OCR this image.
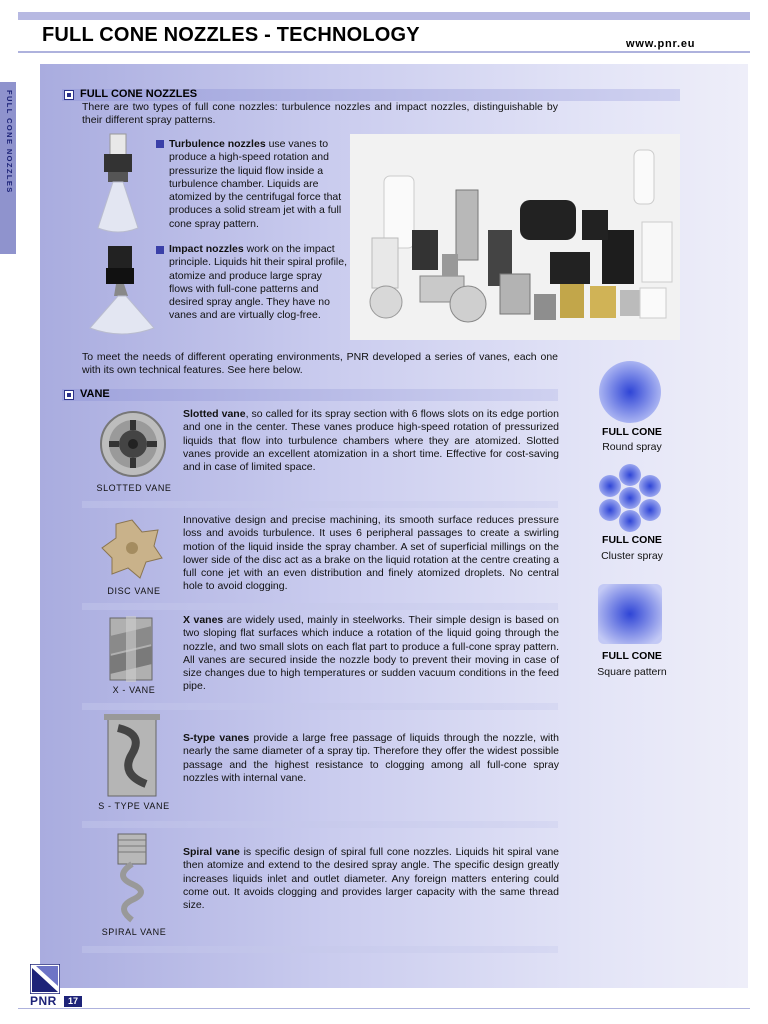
FULL CONE NOZZLES - TECHNOLOGY	www.pnr.eu
FULL CONE NOZZLES	FULL CONE NOZZLES
There are two types of full cone nozzles: turbulence nozzles and impact nozzles, distinguishable by their different spray patterns.
Turbulence nozzles use vanes to produce a high-speed rotation and pressurize the liquid flow inside a turbulence chamber. Liquids are atomized by the centrifugal force that produces a solid stream jet with a full cone spray pattern.
Impact nozzles work on the impact principle. Liquids hit their spiral profile, atomize and produce large spray flows with full-cone patterns and desired spray angle. They have no vanes and are virtually clog-free.
To meet the needs of different operating environments, PNR developed a series of vanes, each one with its own technical features. See here below.
VANE
SLOTTED VANE
Slotted vane, so called for its spray section with 6 flows slots on its edge portion and one in the center. These vanes produce high-speed rotation of pressurized liquids that flow into turbulence chambers where they are atomized. Slotted vanes provide an excellent atomization in a short time. Effective for cost-saving and in case of limited space.
DISC VANE
Innovative design and precise machining, its smooth surface reduces pressure loss and avoids turbulence. It uses 6 peripheral passages to create a swirling motion of the liquid inside the spray chamber. A set of superficial millings on the lower side of the disc act as a brake on the liquid rotation at the centre creating a full cone jet with an even distribution and finely atomized droplets. No central hole to avoid clogging.
X - VANE
X vanes are widely used, mainly in steelworks. Their simple design is based on two sloping flat surfaces which induce a rotation of the liquid going through the nozzle, and two small slots on each flat part to produce a full-cone spray pattern. All vanes are secured inside the nozzle body to prevent their moving in case of size changes due to high temperatures or sudden vacuum conditions in the feed pipe.
S - TYPE VANE
S-type vanes provide a large free passage of liquids through the nozzle, with nearly the same diameter of a spray tip. Therefore they offer the widest possible passage and the highest resistance to clogging among all full-cone spray nozzles with internal vane.
SPIRAL VANE
Spiral vane is specific design of spiral full cone nozzles. Liquids hit spiral vane then atomize and extend to the desired spray angle. The specific design greatly increases liquids inlet and outlet diameter. Any foreign matters entering could come out. It avoids clogging and provides larger capacity with the same thread size.
FULL CONE
Round spray
FULL CONE
Cluster spray
FULL CONE
Square pattern
PNR	17
